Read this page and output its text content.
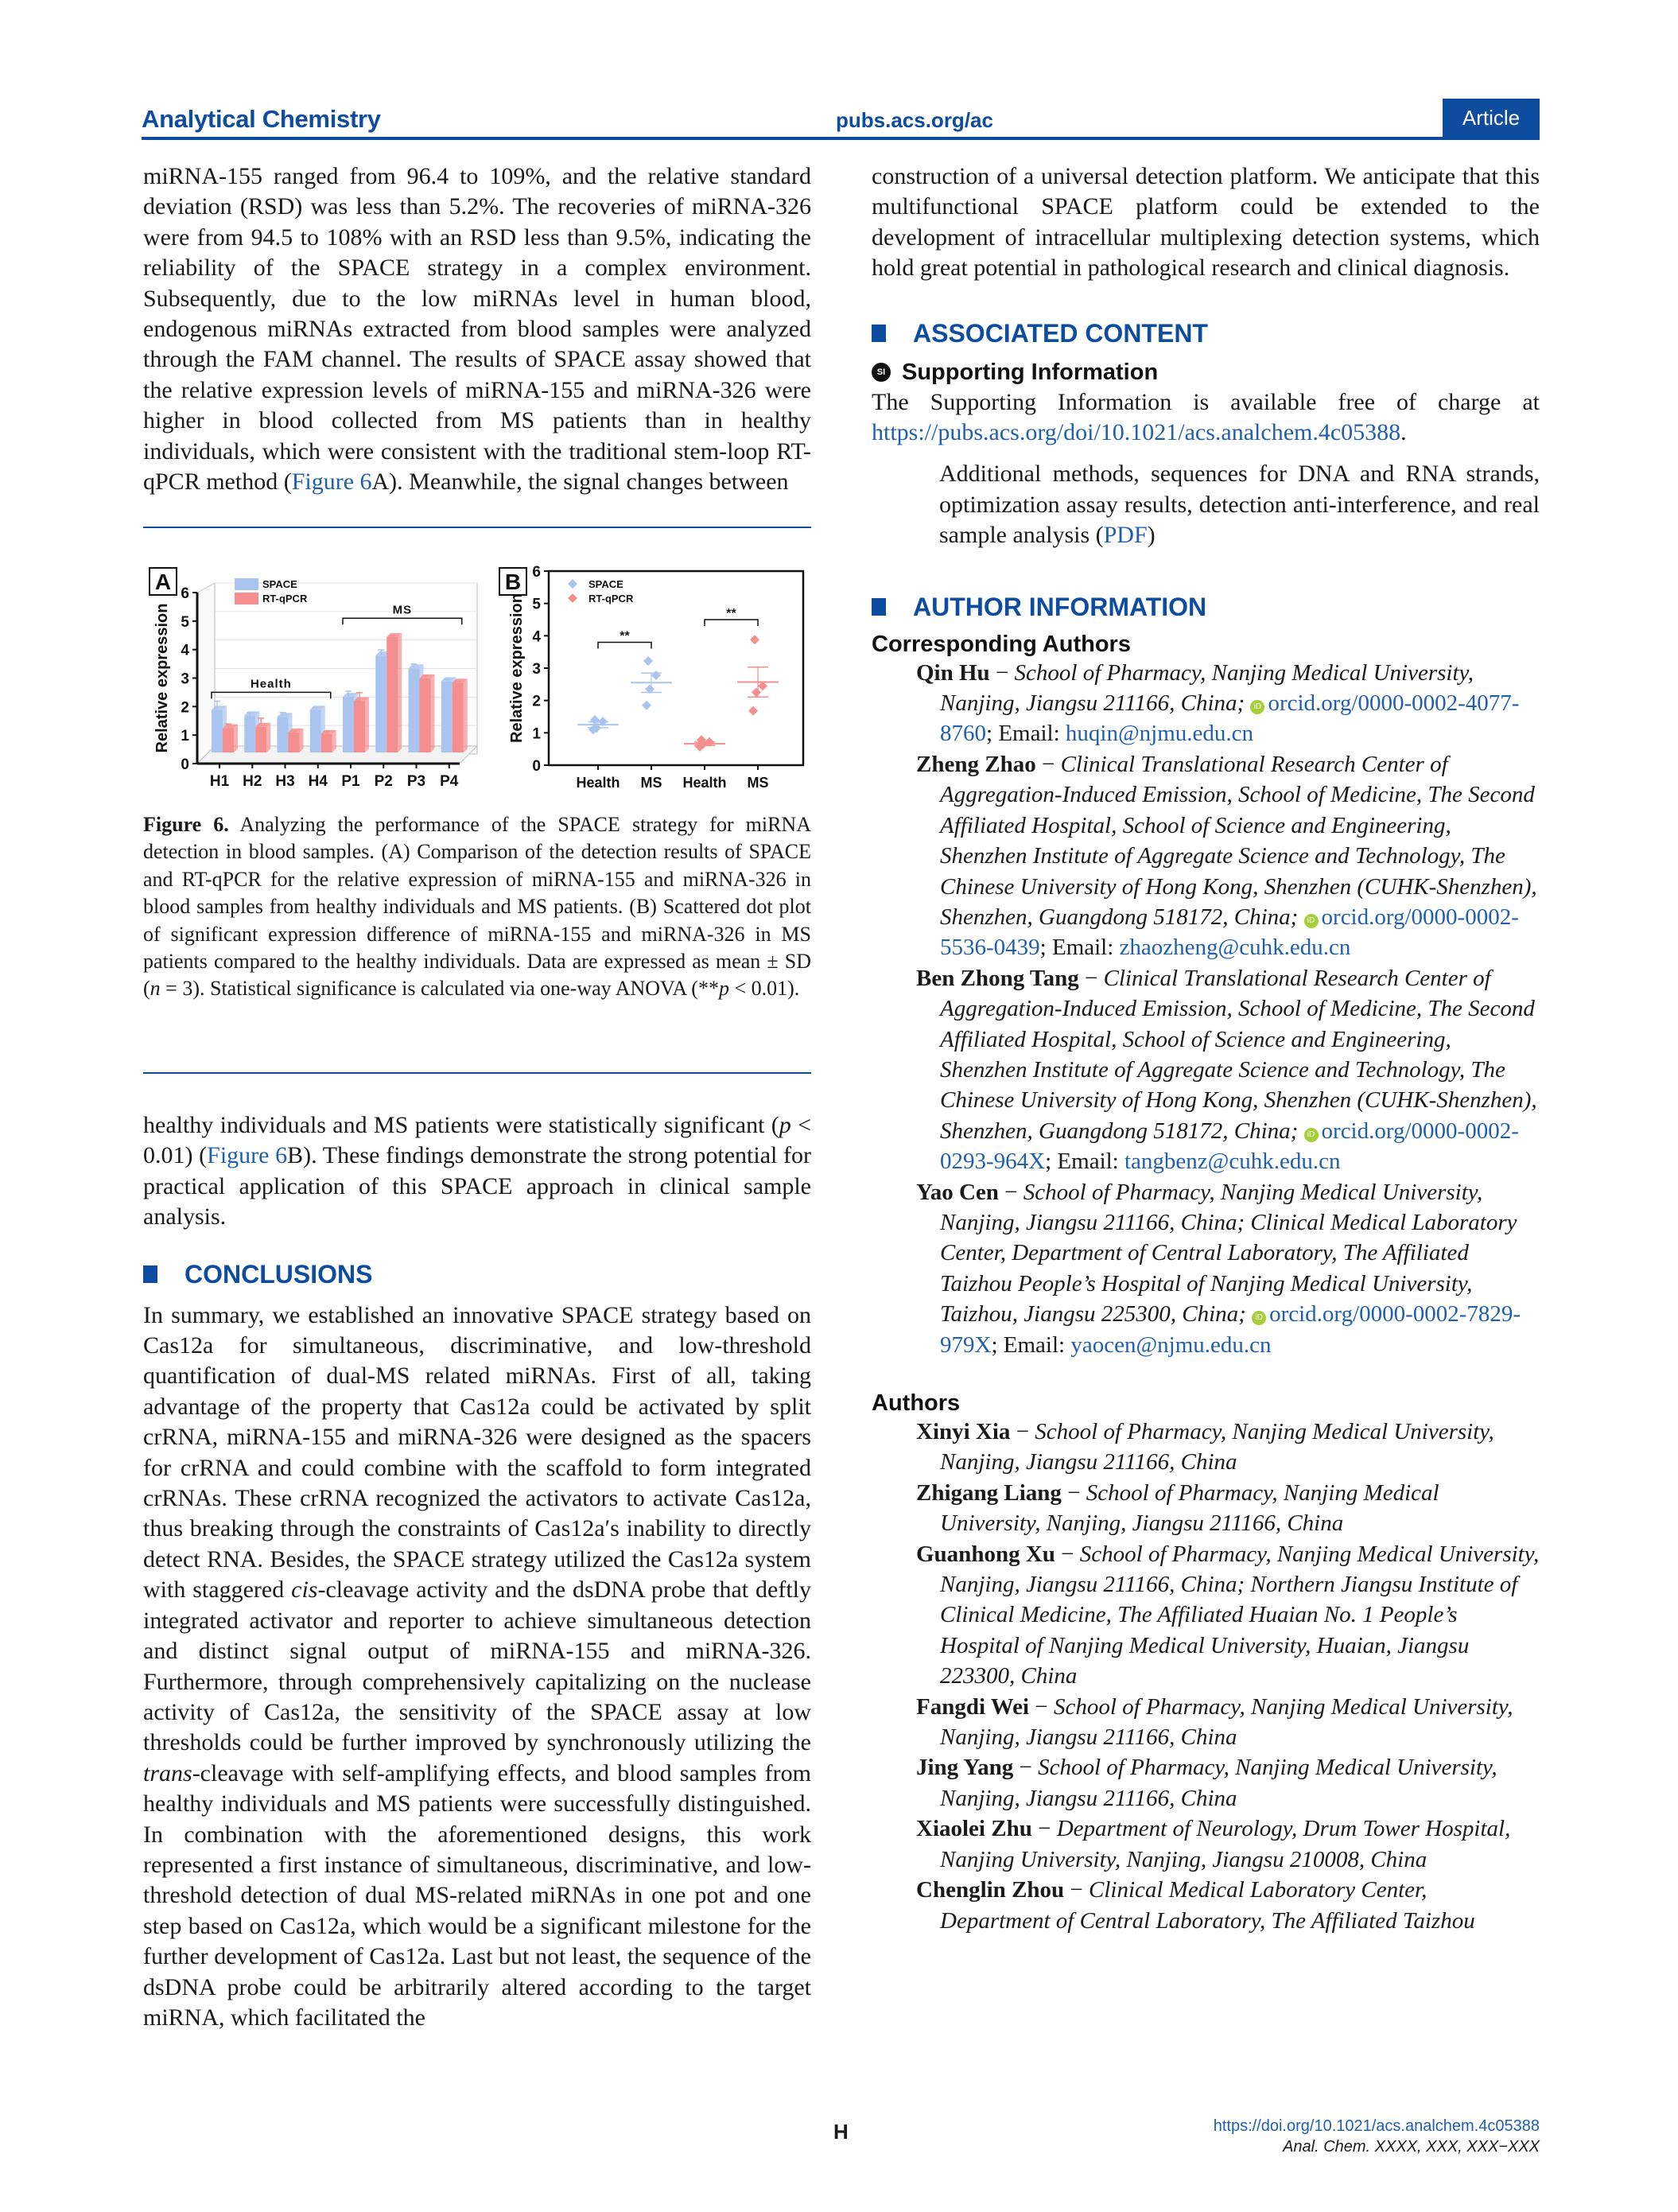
Analytical Chemistry	pubs.acs.org/ac	Article

miRNA-155 ranged from 96.4 to 109%, and the relative standard deviation (RSD) was less than 5.2%. The recoveries of miRNA-326 were from 94.5 to 108% with an RSD less than 9.5%, indicating the reliability of the SPACE strategy in a complex environment. Subsequently, due to the low miRNAs level in human blood, endogenous miRNAs extracted from blood samples were analyzed through the FAM channel. The results of SPACE assay showed that the relative expression levels of miRNA-155 and miRNA-326 were higher in blood collected from MS patients than in healthy individuals, which were consistent with the traditional stem-loop RT-qPCR method (Figure 6A). Meanwhile, the signal changes between

A
0
1
2
3
4
5
6
Relative expression
H1 H2 H3 H4 P1 P2 P3 P4
Health
MS
SPACE
RT-qPCR
B
0
1
2
3
4
5
6
Relative expression
Health MS Health MS
**
**
SPACE
RT-qPCR

Figure 6. Analyzing the performance of the SPACE strategy for miRNA detection in blood samples. (A) Comparison of the detection results of SPACE and RT-qPCR for the relative expression of miRNA-155 and miRNA-326 in blood samples from healthy individuals and MS patients. (B) Scattered dot plot of significant expression difference of miRNA-155 and miRNA-326 in MS patients compared to the healthy individuals. Data are expressed as mean ± SD (n = 3). Statistical significance is calculated via one-way ANOVA (**p < 0.01).

healthy individuals and MS patients were statistically significant (p < 0.01) (Figure 6B). These findings demonstrate the strong potential for practical application of this SPACE approach in clinical sample analysis.

CONCLUSIONS

In summary, we established an innovative SPACE strategy based on Cas12a for simultaneous, discriminative, and low-threshold quantification of dual-MS related miRNAs. First of all, taking advantage of the property that Cas12a could be activated by split crRNA, miRNA-155 and miRNA-326 were designed as the spacers for crRNA and could combine with the scaffold to form integrated crRNAs. These crRNA recognized the activators to activate Cas12a, thus breaking through the constraints of Cas12a′s inability to directly detect RNA. Besides, the SPACE strategy utilized the Cas12a system with staggered cis-cleavage activity and the dsDNA probe that deftly integrated activator and reporter to achieve simultaneous detection and distinct signal output of miRNA-155 and miRNA-326. Furthermore, through comprehensively capitalizing on the nuclease activity of Cas12a, the sensitivity of the SPACE assay at low thresholds could be further improved by synchronously utilizing the trans-cleavage with self-amplifying effects, and blood samples from healthy individuals and MS patients were successfully distinguished. In combination with the aforementioned designs, this work represented a first instance of simultaneous, discriminative, and low-threshold detection of dual MS-related miRNAs in one pot and one step based on Cas12a, which would be a significant milestone for the further development of Cas12a. Last but not least, the sequence of the dsDNA probe could be arbitrarily altered according to the target miRNA, which facilitated the

construction of a universal detection platform. We anticipate that this multifunctional SPACE platform could be extended to the development of intracellular multiplexing detection systems, which hold great potential in pathological research and clinical diagnosis.

ASSOCIATED CONTENT
SI Supporting Information

The Supporting Information is available free of charge at https://pubs.acs.org/doi/10.1021/acs.analchem.4c05388.

Additional methods, sequences for DNA and RNA strands, optimization assay results, detection anti-interference, and real sample analysis (PDF)

AUTHOR INFORMATION
Corresponding Authors
Qin Hu − School of Pharmacy, Nanjing Medical University, Nanjing, Jiangsu 211166, China; iD orcid.org/0000-0002-4077-8760; Email: huqin@njmu.edu.cn
Zheng Zhao − Clinical Translational Research Center of Aggregation-Induced Emission, School of Medicine, The Second Affiliated Hospital, School of Science and Engineering, Shenzhen Institute of Aggregate Science and Technology, The Chinese University of Hong Kong, Shenzhen (CUHK-Shenzhen), Shenzhen, Guangdong 518172, China; iD orcid.org/0000-0002-5536-0439; Email: zhaozheng@cuhk.edu.cn
Ben Zhong Tang − Clinical Translational Research Center of Aggregation-Induced Emission, School of Medicine, The Second Affiliated Hospital, School of Science and Engineering, Shenzhen Institute of Aggregate Science and Technology, The Chinese University of Hong Kong, Shenzhen (CUHK-Shenzhen), Shenzhen, Guangdong 518172, China; iD orcid.org/0000-0002-0293-964X; Email: tangbenz@cuhk.edu.cn
Yao Cen − School of Pharmacy, Nanjing Medical University, Nanjing, Jiangsu 211166, China; Clinical Medical Laboratory Center, Department of Central Laboratory, The Affiliated Taizhou People’s Hospital of Nanjing Medical University, Taizhou, Jiangsu 225300, China; iD orcid.org/0000-0002-7829-979X; Email: yaocen@njmu.edu.cn
Authors
Xinyi Xia − School of Pharmacy, Nanjing Medical University, Nanjing, Jiangsu 211166, China
Zhigang Liang − School of Pharmacy, Nanjing Medical University, Nanjing, Jiangsu 211166, China
Guanhong Xu − School of Pharmacy, Nanjing Medical University, Nanjing, Jiangsu 211166, China; Northern Jiangsu Institute of Clinical Medicine, The Affiliated Huaian No. 1 People’s Hospital of Nanjing Medical University, Huaian, Jiangsu 223300, China
Fangdi Wei − School of Pharmacy, Nanjing Medical University, Nanjing, Jiangsu 211166, China
Jing Yang − School of Pharmacy, Nanjing Medical University, Nanjing, Jiangsu 211166, China
Xiaolei Zhu − Department of Neurology, Drum Tower Hospital, Nanjing University, Nanjing, Jiangsu 210008, China
Chenglin Zhou − Clinical Medical Laboratory Center, Department of Central Laboratory, The Affiliated Taizhou
H	https://doi.org/10.1021/acs.analchem.4c05388
Anal. Chem. XXXX, XXX, XXX−XXX
